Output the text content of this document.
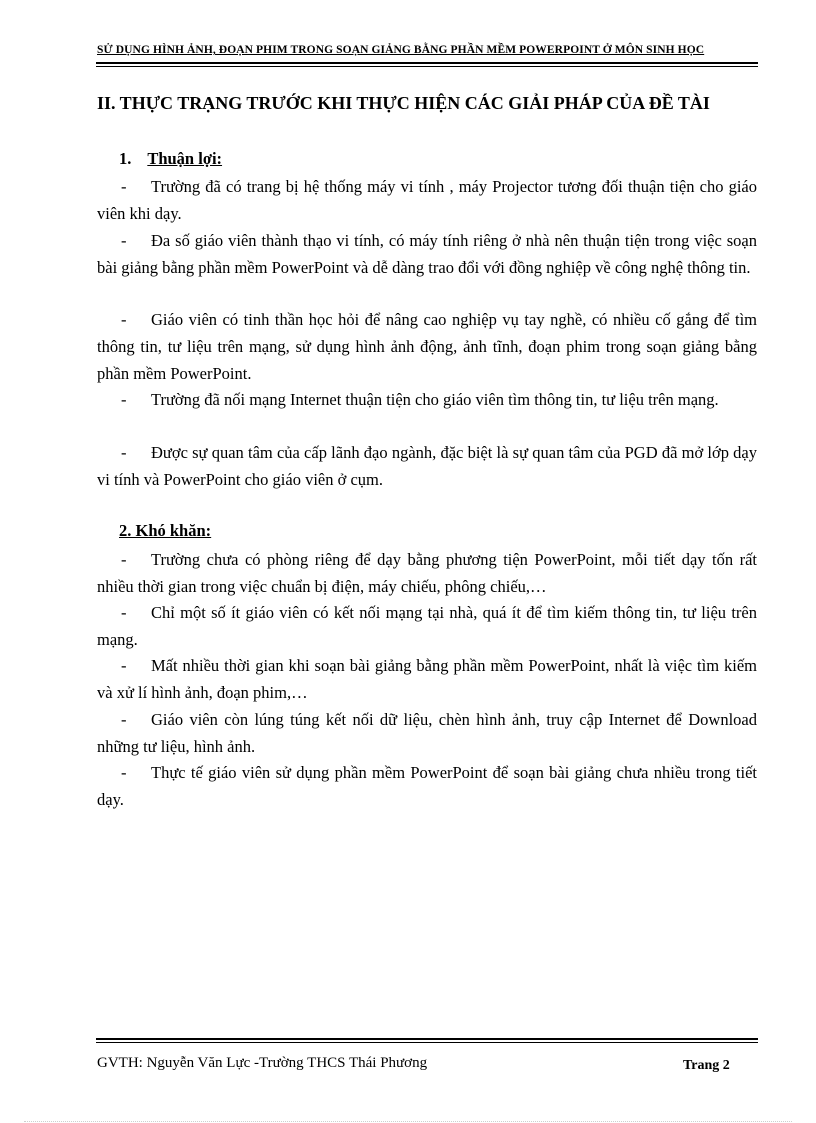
SỬ DỤNG HÌNH ẢNH, ĐOẠN PHIM TRONG SOẠN GIẢNG BẰNG PHẦN MỀM POWERPOINT Ở MÔN SINH HỌC
II. THỰC TRẠNG TRƯỚC KHI THỰC HIỆN CÁC GIẢI PHÁP CỦA ĐỀ TÀI
1. Thuận lợi:
- Trường đã có trang bị hệ thống máy vi tính , máy Projector tương đối thuận tiện cho giáo viên khi dạy.
- Đa số giáo viên thành thạo vi tính, có máy tính riêng ở nhà nên thuận tiện trong việc soạn bài giảng bằng phần mềm PowerPoint và dễ dàng trao đổi với đồng nghiệp về công nghệ thông tin.
- Giáo viên có tinh thần học hỏi để nâng cao nghiệp vụ tay nghề, có nhiều cố gắng để tìm thông tin, tư liệu trên mạng, sử dụng hình ảnh động, ảnh tĩnh, đoạn phim trong soạn giảng bằng phần mềm PowerPoint.
- Trường đã nối mạng Internet thuận tiện cho giáo viên tìm thông tin, tư liệu trên mạng.
- Được sự quan tâm của cấp lãnh đạo ngành, đặc biệt là sự quan tâm của PGD đã mở lớp dạy vi tính và PowerPoint cho giáo viên ở cụm.
2. Khó khăn:
- Trường chưa có phòng riêng để dạy bằng phương tiện PowerPoint, mỗi tiết dạy tốn rất nhiều thời gian trong việc chuẩn bị điện, máy chiếu, phông chiếu,…
- Chỉ một số ít giáo viên có kết nối mạng tại nhà, quá ít để tìm kiếm thông tin, tư liệu trên mạng.
- Mất nhiều thời gian khi soạn bài giảng bằng phần mềm PowerPoint, nhất là việc tìm kiếm và xử lí hình ảnh, đoạn phim,…
- Giáo viên còn lúng túng kết nối dữ liệu, chèn hình ảnh, truy cập Internet để Download những tư liệu, hình ảnh.
- Thực tế giáo viên sử dụng phần mềm PowerPoint để soạn bài giảng chưa nhiều trong tiết dạy.
GVTH: Nguyễn Văn Lực -Trường THCS Thái Phương	Trang 2
